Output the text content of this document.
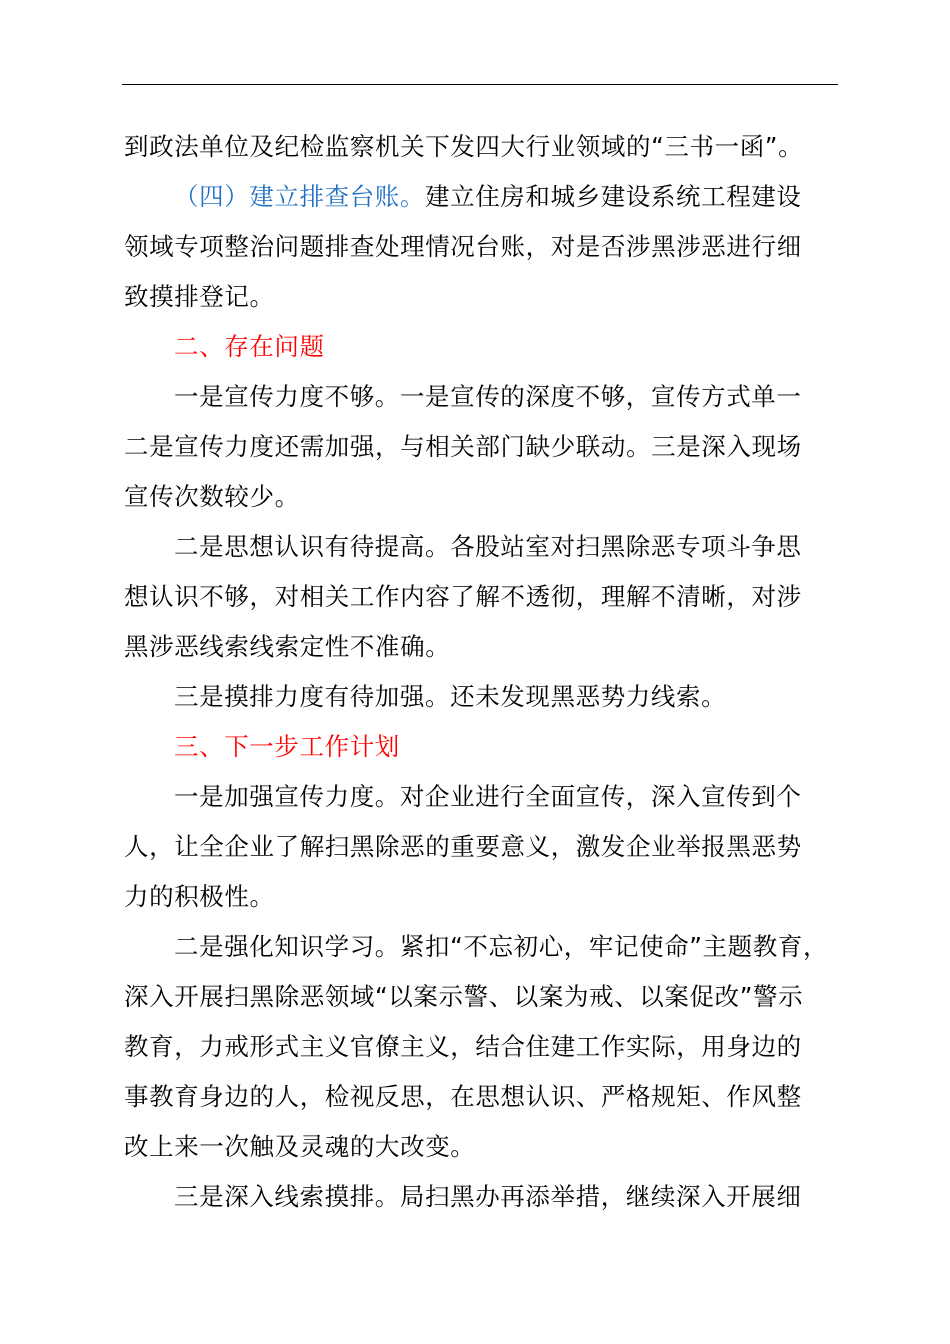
到政法单位及纪检监察机关下发四大行业领域的“三书一函”。

（四）建立排查台账。建立住房和城乡建设系统工程建设
领域专项整治问题排查处理情况台账，对是否涉黑涉恶进行细
致摸排登记。

二、存在问题

一是宣传力度不够。一是宣传的深度不够，宣传方式单一
二是宣传力度还需加强，与相关部门缺少联动。三是深入现场
宣传次数较少。

二是思想认识有待提高。各股站室对扫黑除恶专项斗争思
想认识不够，对相关工作内容了解不透彻，理解不清晰，对涉
黑涉恶线索线索定性不准确。

三是摸排力度有待加强。还未发现黑恶势力线索。

三、下一步工作计划

一是加强宣传力度。对企业进行全面宣传，深入宣传到个
人，让全企业了解扫黑除恶的重要意义，激发企业举报黑恶势
力的积极性。

二是强化知识学习。紧扣“不忘初心，牢记使命”主题教育，
深入开展扫黑除恶领域“以案示警、以案为戒、以案促改”警示
教育，力戒形式主义官僚主义，结合住建工作实际，用身边的
事教育身边的人，检视反思，在思想认识、严格规矩、作风整
改上来一次触及灵魂的大改变。

三是深入线索摸排。局扫黑办再添举措，继续深入开展细
